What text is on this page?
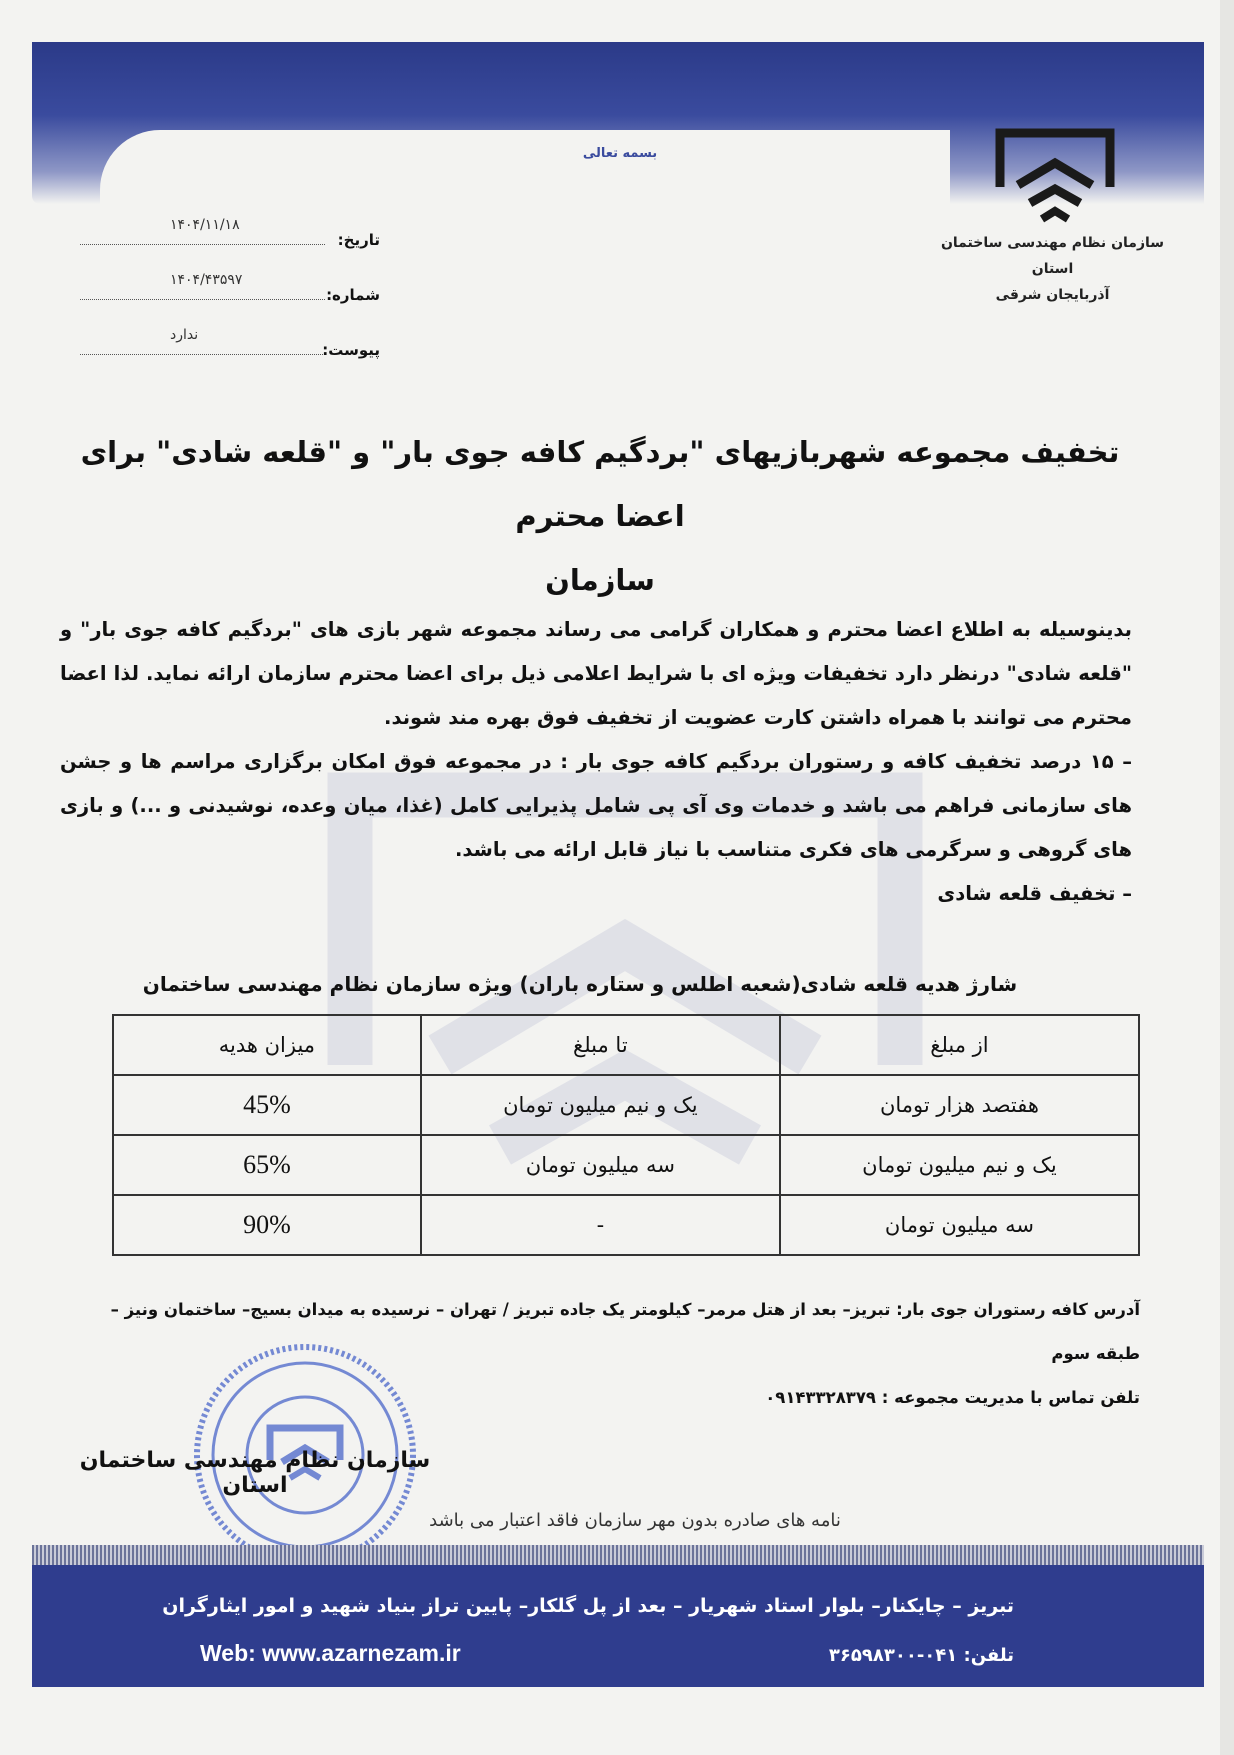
بسمه تعالی
سازمان نظام مهندسی ساختمان استان
آذربایجان شرقی
۱۴۰۴/۱۱/۱۸
تاریخ:
۱۴۰۴/۴۳۵۹۷
شماره:
ندارد
پیوست:
تخفیف مجموعه شهربازیهای "بردگیم کافه جوی بار" و "قلعه شادی" برای اعضا محترم
سازمان

بدینوسیله به اطلاع اعضا محترم و همکاران گرامی می رساند مجموعه شهر بازی های "بردگیم کافه جوی بار" و "قلعه شادی" درنظر دارد تخفیفات ویژه ای با شرایط اعلامی ذیل برای اعضا محترم سازمان ارائه نماید. لذا اعضا محترم می توانند با همراه داشتن کارت عضویت از تخفیف فوق بهره مند شوند.

– ۱۵ درصد تخفیف کافه و رستوران بردگیم کافه جوی بار : در مجموعه فوق امکان برگزاری مراسم ها و جشن های سازمانی فراهم می باشد و خدمات وی آی پی شامل پذیرایی کامل (غذا، میان وعده، نوشیدنی و ...) و بازی های گروهی و سرگرمی های فکری متناسب با نیاز قابل ارائه می باشد.

– تخفیف قلعه شادی

شارژ هدیه قلعه شادی(شعبه اطلس و ستاره باران) ویژه سازمان نظام مهندسی ساختمان
از مبلغ	تا مبلغ	میزان هدیه
هفتصد هزار تومان	یک و نیم میلیون تومان	45%
یک و نیم میلیون تومان	سه میلیون تومان	65%
سه میلیون تومان	-	90%

آدرس کافه رستوران جوی بار: تبریز– بعد از هتل مرمر– کیلومتر یک جاده تبریز / تهران – نرسیده به میدان بسیج– ساختمان ونیز –

طبقه سوم

تلفن تماس با مدیریت مجموعه : ۰۹۱۴۳۳۲۸۳۷۹

سازمان نظام مهندسی ساختمان استان
نامه های صادره بدون مهر سازمان فاقد اعتبار می باشد
تبریز – چایکنار– بلوار استاد شهریار – بعد از پل گلکار– پایین تراز بنیاد شهید و امور ایثارگران
Web: www.azarnezam.ir	تلفن: ۰۴۱-۳۶۵۹۸۳۰۰
